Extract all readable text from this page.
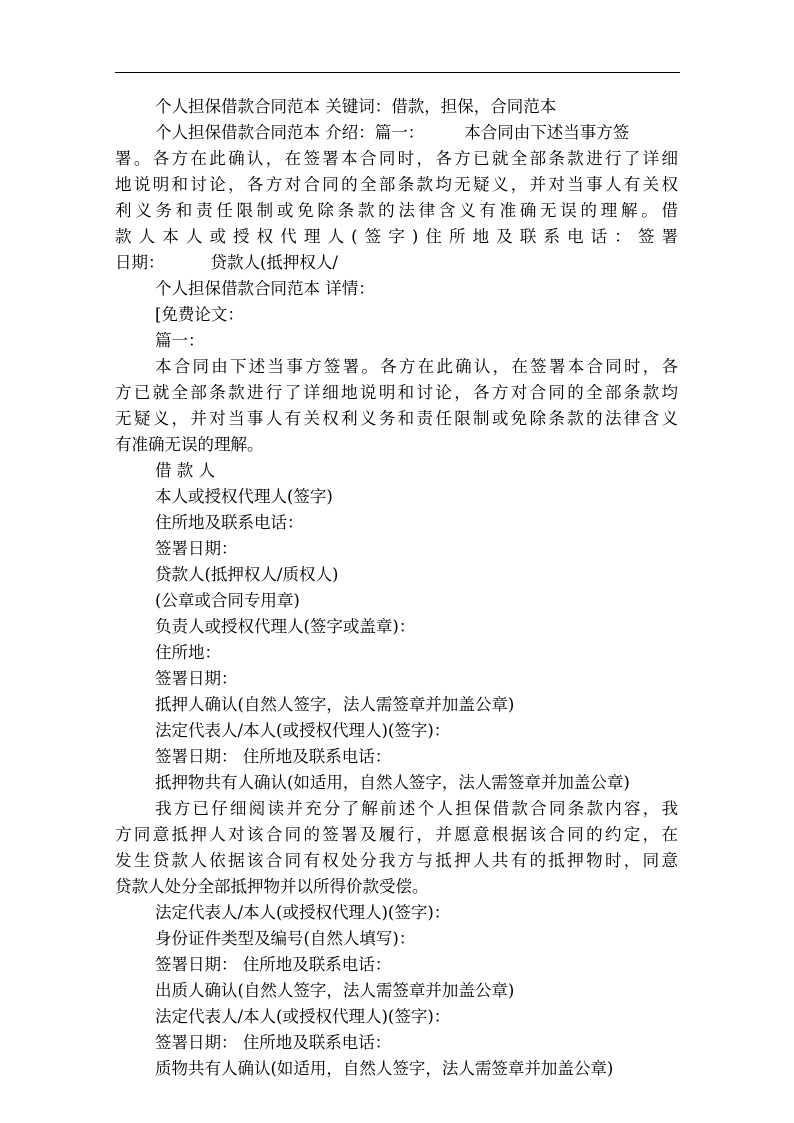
个人担保借款合同范本 关键词：借款，担保，合同范本

个人担保借款合同范本 介绍：篇一： 本合同由下述当事方签

署。各方在此确认，在签署本合同时，各方已就全部条款进行了详细

地说明和讨论，各方对合同的全部条款均无疑义，并对当事人有关权

利义务和责任限制或免除条款的法律含义有准确无误的理解。借

款人本人或授权代理人(签字)住所地及联系电话：签署

日期：	贷款人(抵押权人/

个人担保借款合同范本 详情：

[免费论文：

篇一：

本合同由下述当事方签署。各方在此确认，在签署本合同时，各

方已就全部条款进行了详细地说明和讨论，各方对合同的全部条款均

无疑义，并对当事人有关权利义务和责任限制或免除条款的法律含义

有准确无误的理解。

借 款 人

本人或授权代理人(签字)

住所地及联系电话：

签署日期：

贷款人(抵押权人/质权人)

(公章或合同专用章)

负责人或授权代理人(签字或盖章)：

住所地：

签署日期：

抵押人确认(自然人签字，法人需签章并加盖公章)

法定代表人/本人(或授权代理人)(签字)：

签署日期： 住所地及联系电话：

抵押物共有人确认(如适用，自然人签字，法人需签章并加盖公章)

我方已仔细阅读并充分了解前述个人担保借款合同条款内容，我

方同意抵押人对该合同的签署及履行，并愿意根据该合同的约定，在

发生贷款人依据该合同有权处分我方与抵押人共有的抵押物时，同意

贷款人处分全部抵押物并以所得价款受偿。

法定代表人/本人(或授权代理人)(签字)：

身份证件类型及编号(自然人填写)：

签署日期： 住所地及联系电话：

出质人确认(自然人签字，法人需签章并加盖公章)

法定代表人/本人(或授权代理人)(签字)：

签署日期： 住所地及联系电话：

质物共有人确认(如适用，自然人签字，法人需签章并加盖公章)
